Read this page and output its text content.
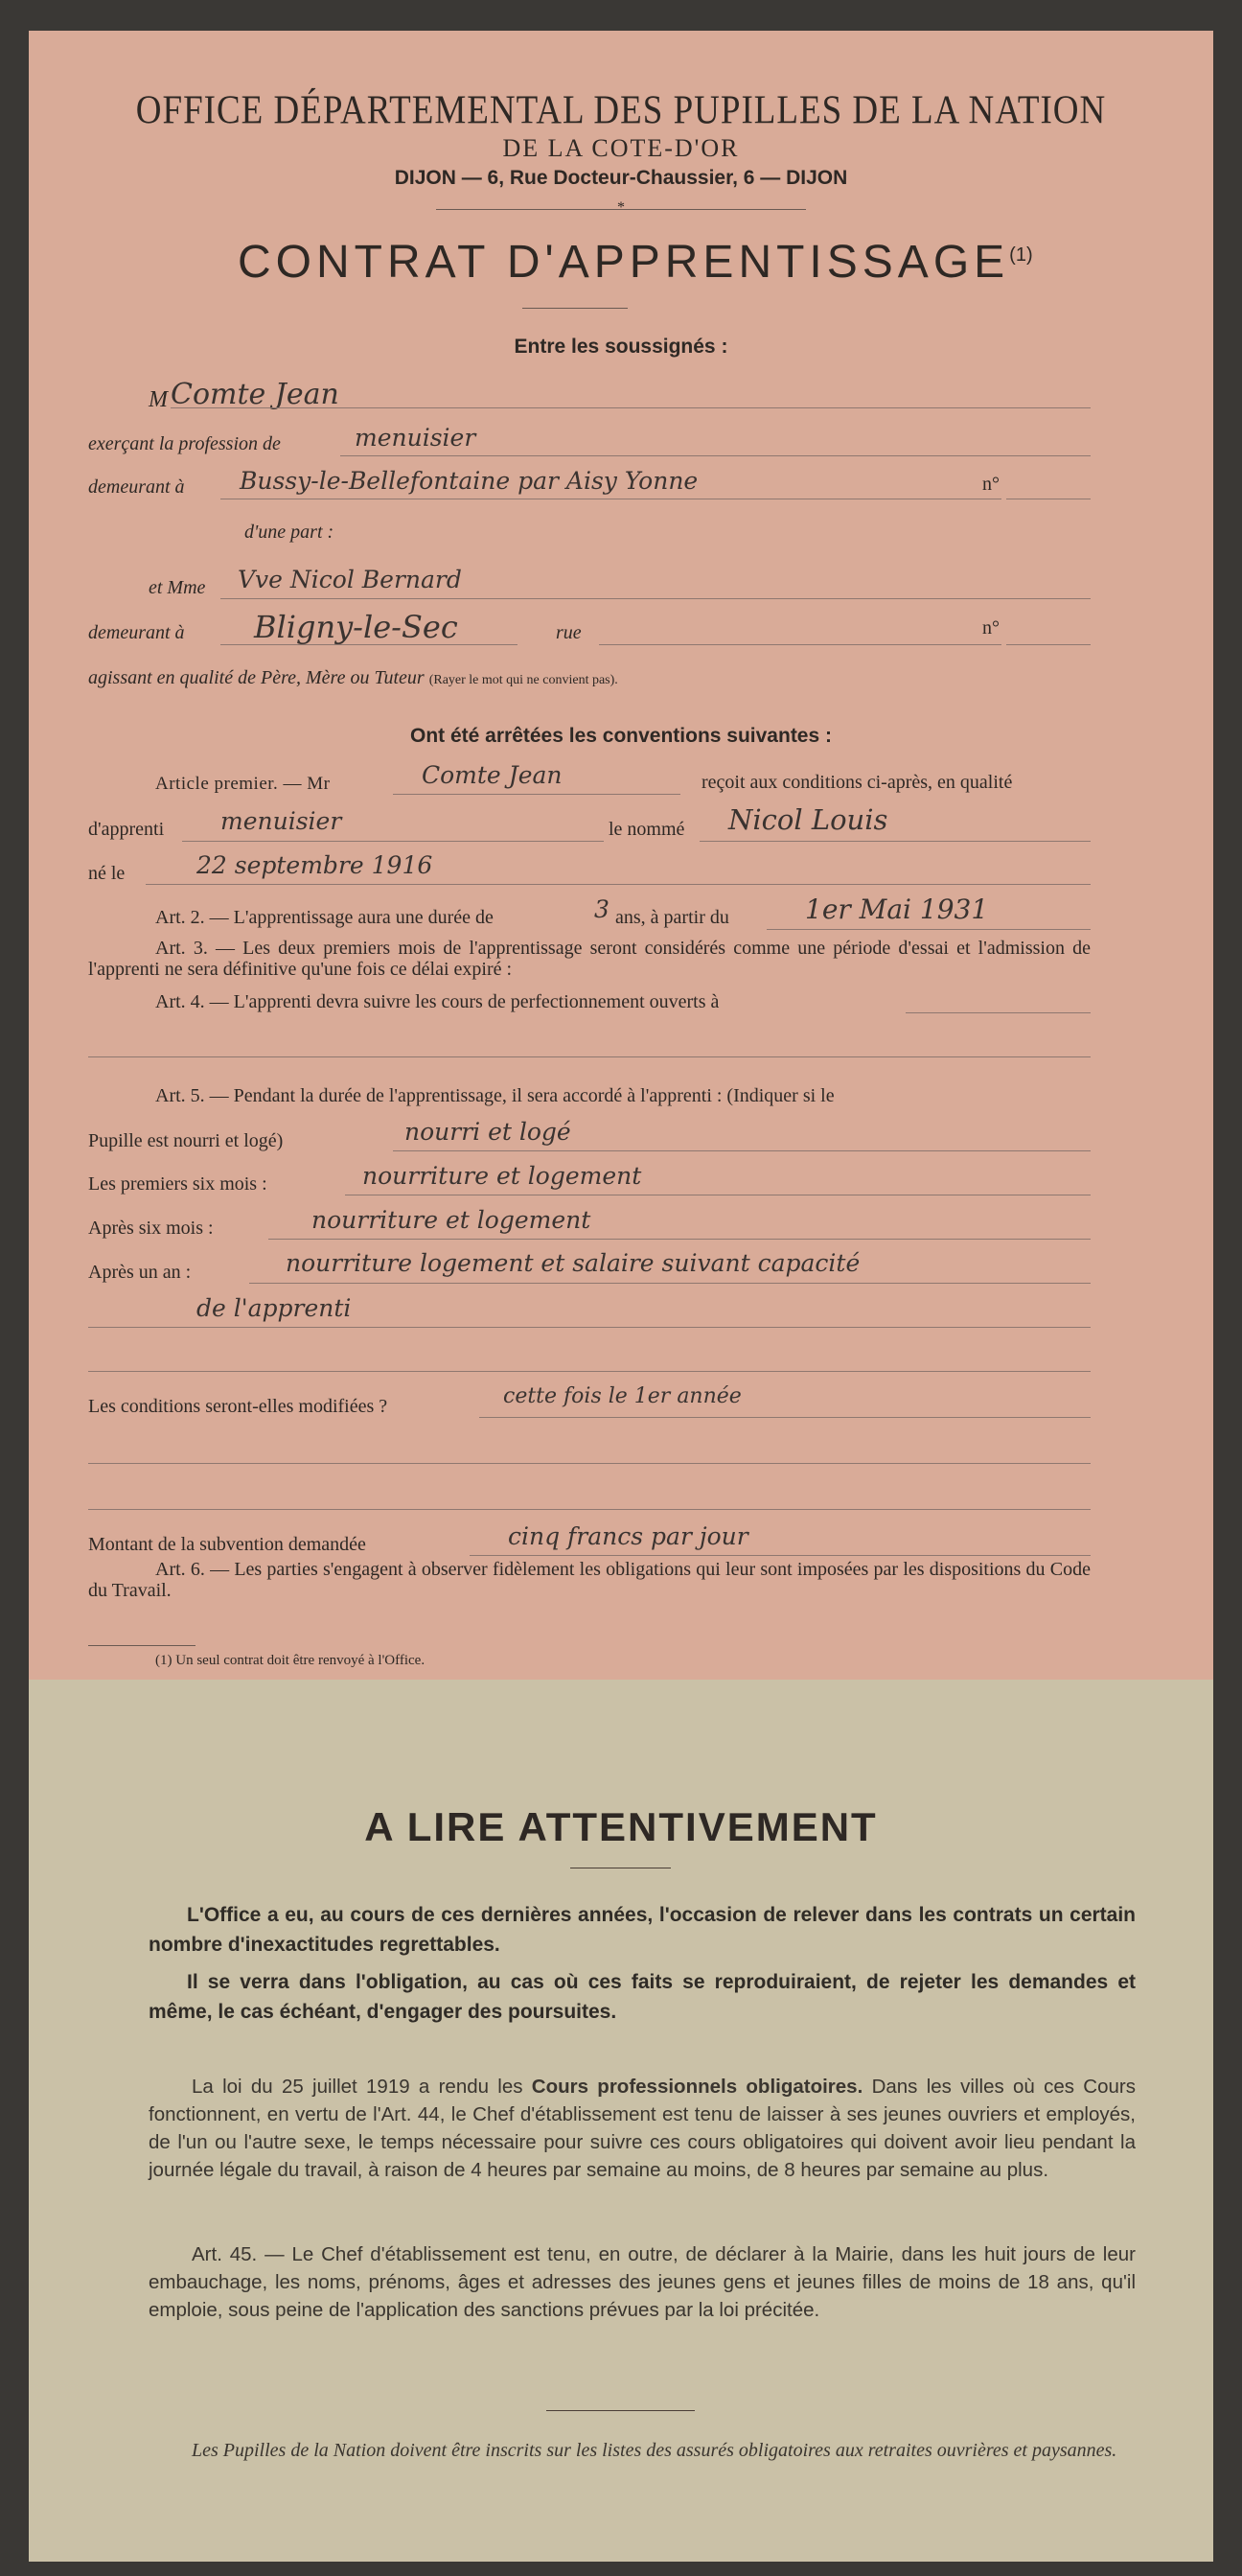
OFFICE DÉPARTEMENTAL DES PUPILLES DE LA NATION
DE LA COTE-D'OR
DIJON — 6, Rue Docteur-Chaussier, 6 — DIJON
*
CONTRAT D'APPRENTISSAGE$^{(1)}$
Entre les soussignés :
M Comte Jean
exerçant la profession de	menuisier
demeurant à Bussy-le-Bellefontaine par Aisy Yonne	n°
d'une part :
et Mme Vve Nicol Bernard
demeurant à Bligny-le-Sec	rue	n°
agissant en qualité de Père, Mère ou Tuteur (Rayer le mot qui ne convient pas).
Ont été arrêtées les conventions suivantes :
Article premier. — Mr	Comte Jean	reçoit aux conditions ci-après, en qualité
d'apprenti menuisier	le nommé Nicol Louis
né le	22 septembre 1916
Art. 2. — L'apprentissage aura une durée de	3 ans, à partir du	1er Mai 1931
Art. 3. — Les deux premiers mois de l'apprentissage seront considérés comme une période d'essai et l'admission de l'apprenti ne sera définitive qu'une fois ce délai expiré :
Art. 4. — L'apprenti devra suivre les cours de perfectionnement ouverts à
Art. 5. — Pendant la durée de l'apprentissage, il sera accordé à l'apprenti : (Indiquer si le
Pupille est nourri et logé)	nourri et logé
Les premiers six mois :	nourriture et logement
Après six mois :	nourriture et logement
Après un an :	nourriture logement et salaire suivant capacité
de l'apprenti
Les conditions seront-elles modifiées ?	cette fois le 1er année
Montant de la subvention demandée	cinq francs par jour
Art. 6. — Les parties s'engagent à observer fidèlement les obligations qui leur sont imposées par les dispositions du Code du Travail.
(1) Un seul contrat doit être renvoyé à l'Office.
A LIRE ATTENTIVEMENT
L'Office a eu, au cours de ces dernières années, l'occasion de relever dans les contrats un certain nombre d'inexactitudes regrettables.
Il se verra dans l'obligation, au cas où ces faits se reproduiraient, de rejeter les demandes et même, le cas échéant, d'engager des poursuites.
La loi du 25 juillet 1919 a rendu les Cours professionnels obligatoires. Dans les villes où ces Cours fonctionnent, en vertu de l'Art. 44, le Chef d'établissement est tenu de laisser à ses jeunes ouvriers et employés, de l'un ou l'autre sexe, le temps nécessaire pour suivre ces cours obligatoires qui doivent avoir lieu pendant la journée légale du travail, à raison de 4 heures par semaine au moins, de 8 heures par semaine au plus.
Art. 45. — Le Chef d'établissement est tenu, en outre, de déclarer à la Mairie, dans les huit jours de leur embauchage, les noms, prénoms, âges et adresses des jeunes gens et jeunes filles de moins de 18 ans, qu'il emploie, sous peine de l'application des sanctions prévues par la loi précitée.
Les Pupilles de la Nation doivent être inscrits sur les listes des assurés obligatoires aux retraites ouvrières et paysannes.
